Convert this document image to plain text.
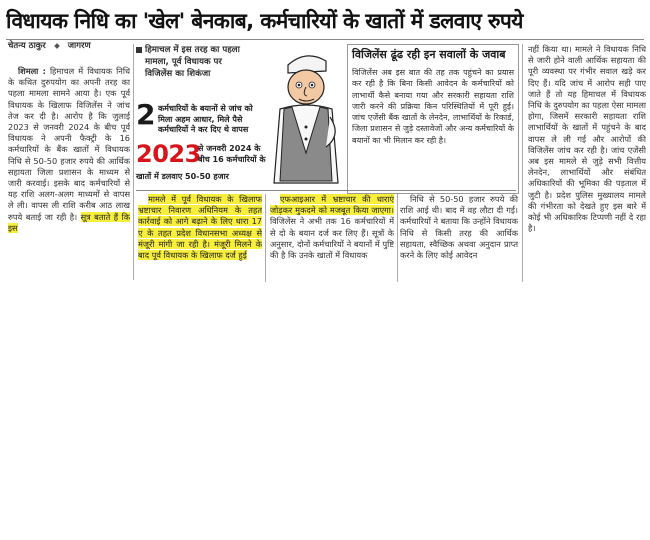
विधायक निधि का 'खेल' बेनकाब, कर्मचारियों के खातों में डलवाए रुपये
चेतन्य ठाकुर	जागरण

शिमला : हिमाचल में विधायक निधि के कथित दुरुपयोग का अपनी तरह का पहला मामला सामने आया है। एक पूर्व विधायक के खिलाफ विजिलेंस ने जांच तेज कर दी है। आरोप है कि जुलाई 2023 से जनवरी 2024 के बीच पूर्व विधायक ने अपनी फैक्ट्री के 16 कर्मचारियों के बैंक खातों में विधायक निधि से 50-50 हजार रुपये की आर्थिक सहायता जिला प्रशासन के माध्यम से जारी करवाई। इसके बाद कर्मचारियों से यह राशि अलग-अलग माध्यमों से वापस ले ली। वापस ली राशि करीब आठ लाख रुपये बताई जा रही है। सूत्र बताते हैं कि इस

हिमाचल में इस तरह का पहला
मामला, पूर्व विधायक पर
विजिलेंस का शिकंजा
2 कर्मचारियों के बयानों से जांच को मिला अहम आधार, मिले पैसे कर्मचारियों ने कर दिए थे वापस
2023
से जनवरी 2024 के बीच 16 कर्मचारियों के
खातों में डलवाए 50-50 हजार
विजिलेंस ढूंढ रही इन सवालों के जवाब
विजिलेंस अब इस बात की तह तक पहुंचने का प्रयास कर रही है कि बिना किसी आवेदन के कर्मचारियों को लाभार्थी कैसे बनाया गया और सरकारी सहायता राशि जारी करने की प्रक्रिया किन परिस्थितियों में पूरी हुई। जांच एजेंसी बैंक खातों के लेनदेन, लाभार्थियों के रिकार्ड, जिला प्रशासन से जुड़े दस्तावेजों और अन्य कर्मचारियों के बयानों का भी मिलान कर रही है।

मामले में पूर्व विधायक के खिलाफ भ्रष्टाचार निवारण अधिनियम के तहत कार्रवाई को आगे बढ़ाने के लिए धारा 17 ए के तहत प्रदेश विधानसभा अध्यक्ष से मंजूरी मांगी जा रही है। मंजूरी मिलने के बाद पूर्व विधायक के खिलाफ दर्ज हुई

एफआइआर में भ्रष्टाचार की धाराएं जोड़कर मुकदमे को मजबूत किया जाएगा। विजिलेंस ने अभी तक 16 कर्मचारियों में से दो के बयान दर्ज कर लिए हैं। सूत्रों के अनुसार, दोनों कर्मचारियों ने बयानों में पुष्टि की है कि उनके खातों में विधायक

निधि से 50-50 हजार रुपये की राशि आई थी। बाद में वह लौटा दी गई। कर्मचारियों ने बताया कि उन्होंने विधायक निधि से किसी तरह की आर्थिक सहायता, स्वैच्छिक अथवा अनुदान प्राप्त करने के लिए कोई आवेदन

नहीं किया था। मामले ने विधायक निधि से जारी होने वाली आर्थिक सहायता की पूरी व्यवस्था पर गंभीर सवाल खड़े कर दिए हैं। यदि जांच में आरोप सही पाए जाते हैं तो यह हिमाचल में विधायक निधि के दुरुपयोग का पहला ऐसा मामला होगा, जिसमें सरकारी सहायता राशि लाभार्थियों के खातों में पहुंचने के बाद वापस ले ली गई और आरोपों की विजिलेंस जांच कर रही है। जांच एजेंसी अब इस मामले से जुड़े सभी वित्तीय लेनदेन, लाभार्थियों और संबंधित अधिकारियों की भूमिका की पड़ताल में जुटी है। प्रदेश पुलिस मुख्यालय मामले की गंभीरता को देखते हुए इस बारे में कोई भी अधिकारिक टिप्पणी नहीं दे रहा है।
